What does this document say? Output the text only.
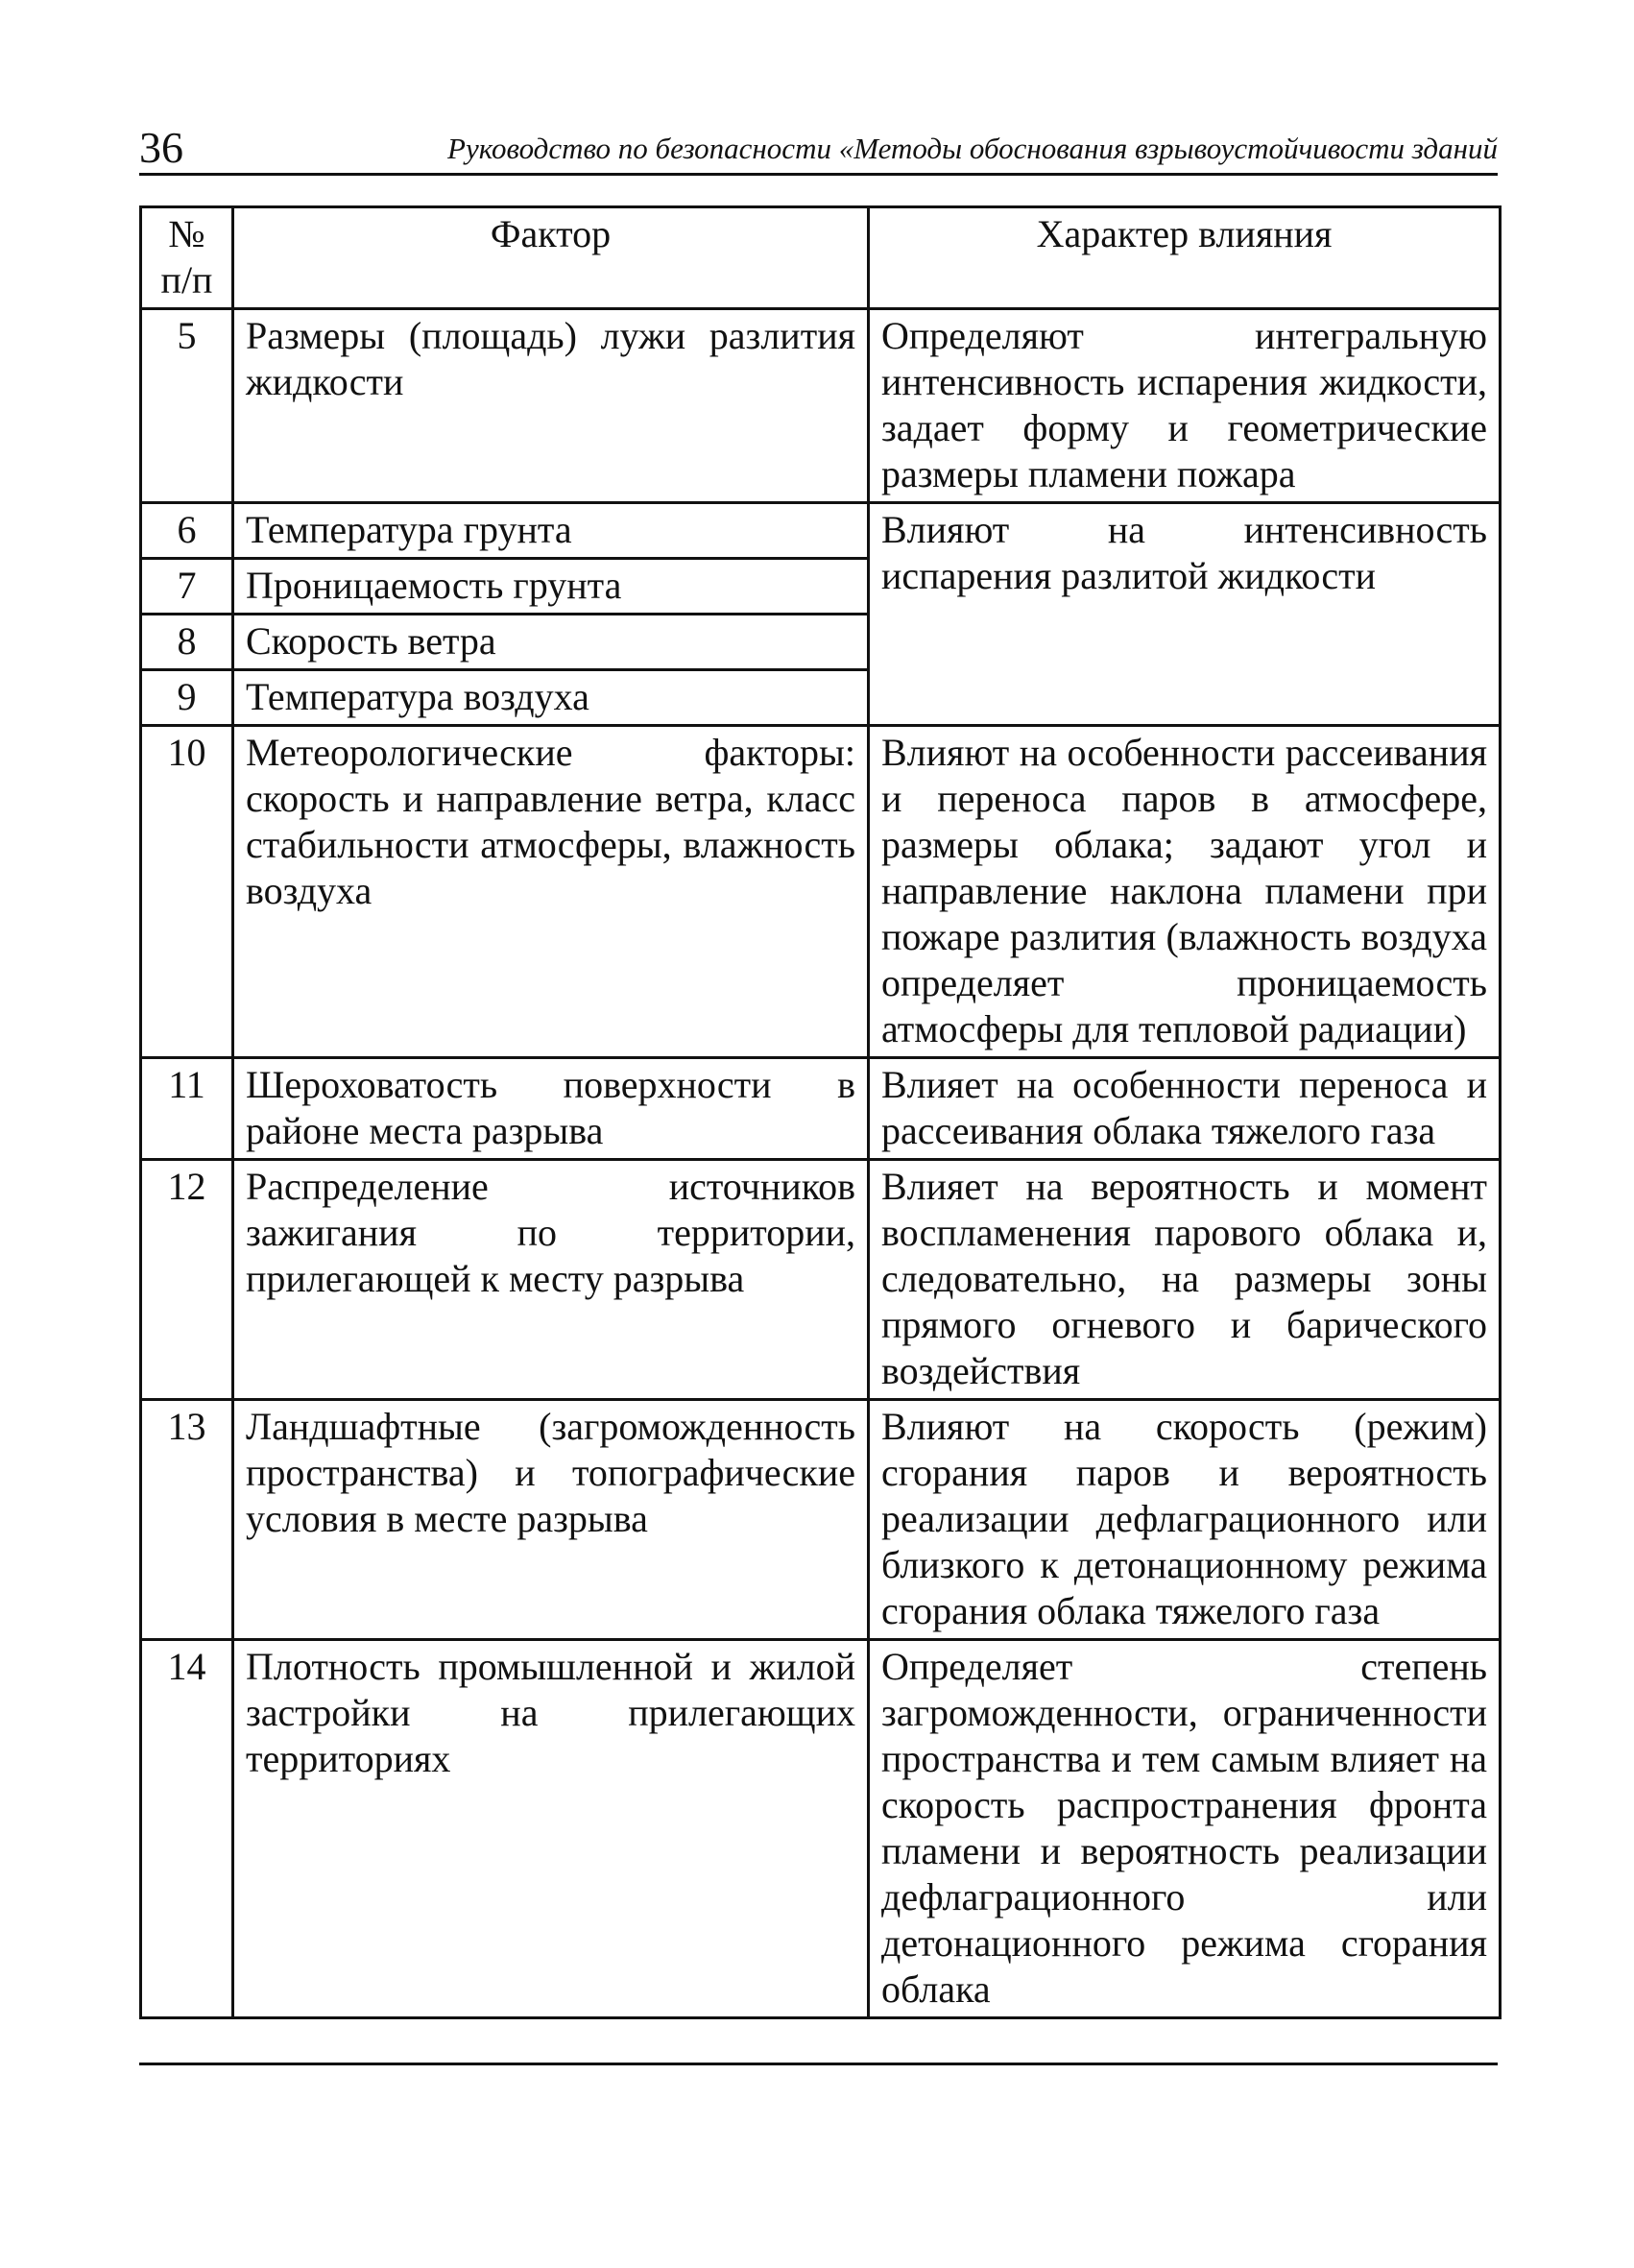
36	Руководство по безопасности «Методы обоснования взрывоустойчивости зданий
№ п/п	Фактор	Характер влияния
5	Размеры (площадь) лужи разлития жидкости	Определяют интегральную интенсивность испарения жидкости, задает форму и геометрические размеры пламени пожара
6	Температура грунта	Влияют на интенсивность испарения разлитой жидкости
7	Проницаемость грунта	
8	Скорость ветра	
9	Температура воздуха	
10	Метеорологические факторы: скорость и направление ветра, класс стабильности атмосферы, влажность воздуха	Влияют на особенности рассеивания и переноса паров в атмосфере, размеры облака; задают угол и направление наклона пламени при пожаре разлития (влажность воздуха определяет проницаемость атмосферы для тепловой радиации)
11	Шероховатость поверхности в районе места разрыва	Влияет на особенности переноса и рассеивания облака тяжелого газа
12	Распределение источников зажигания по территории, прилегающей к месту разрыва	Влияет на вероятность и момент воспламенения парового облака и, следовательно, на размеры зоны прямого огневого и барического воздействия
13	Ландшафтные (загроможденность пространства) и топографические условия в месте разрыва	Влияют на скорость (режим) сгорания паров и вероятность реализации дефлаграционного или близкого к детонационному режима сгорания облака тяжелого газа
14	Плотность промышленной и жилой застройки на прилегающих территориях	Определяет степень загроможденности, ограниченности пространства и тем самым влияет на скорость распространения фронта пламени и вероятность реализации дефлаграционного или детонационного режима сгорания облака
